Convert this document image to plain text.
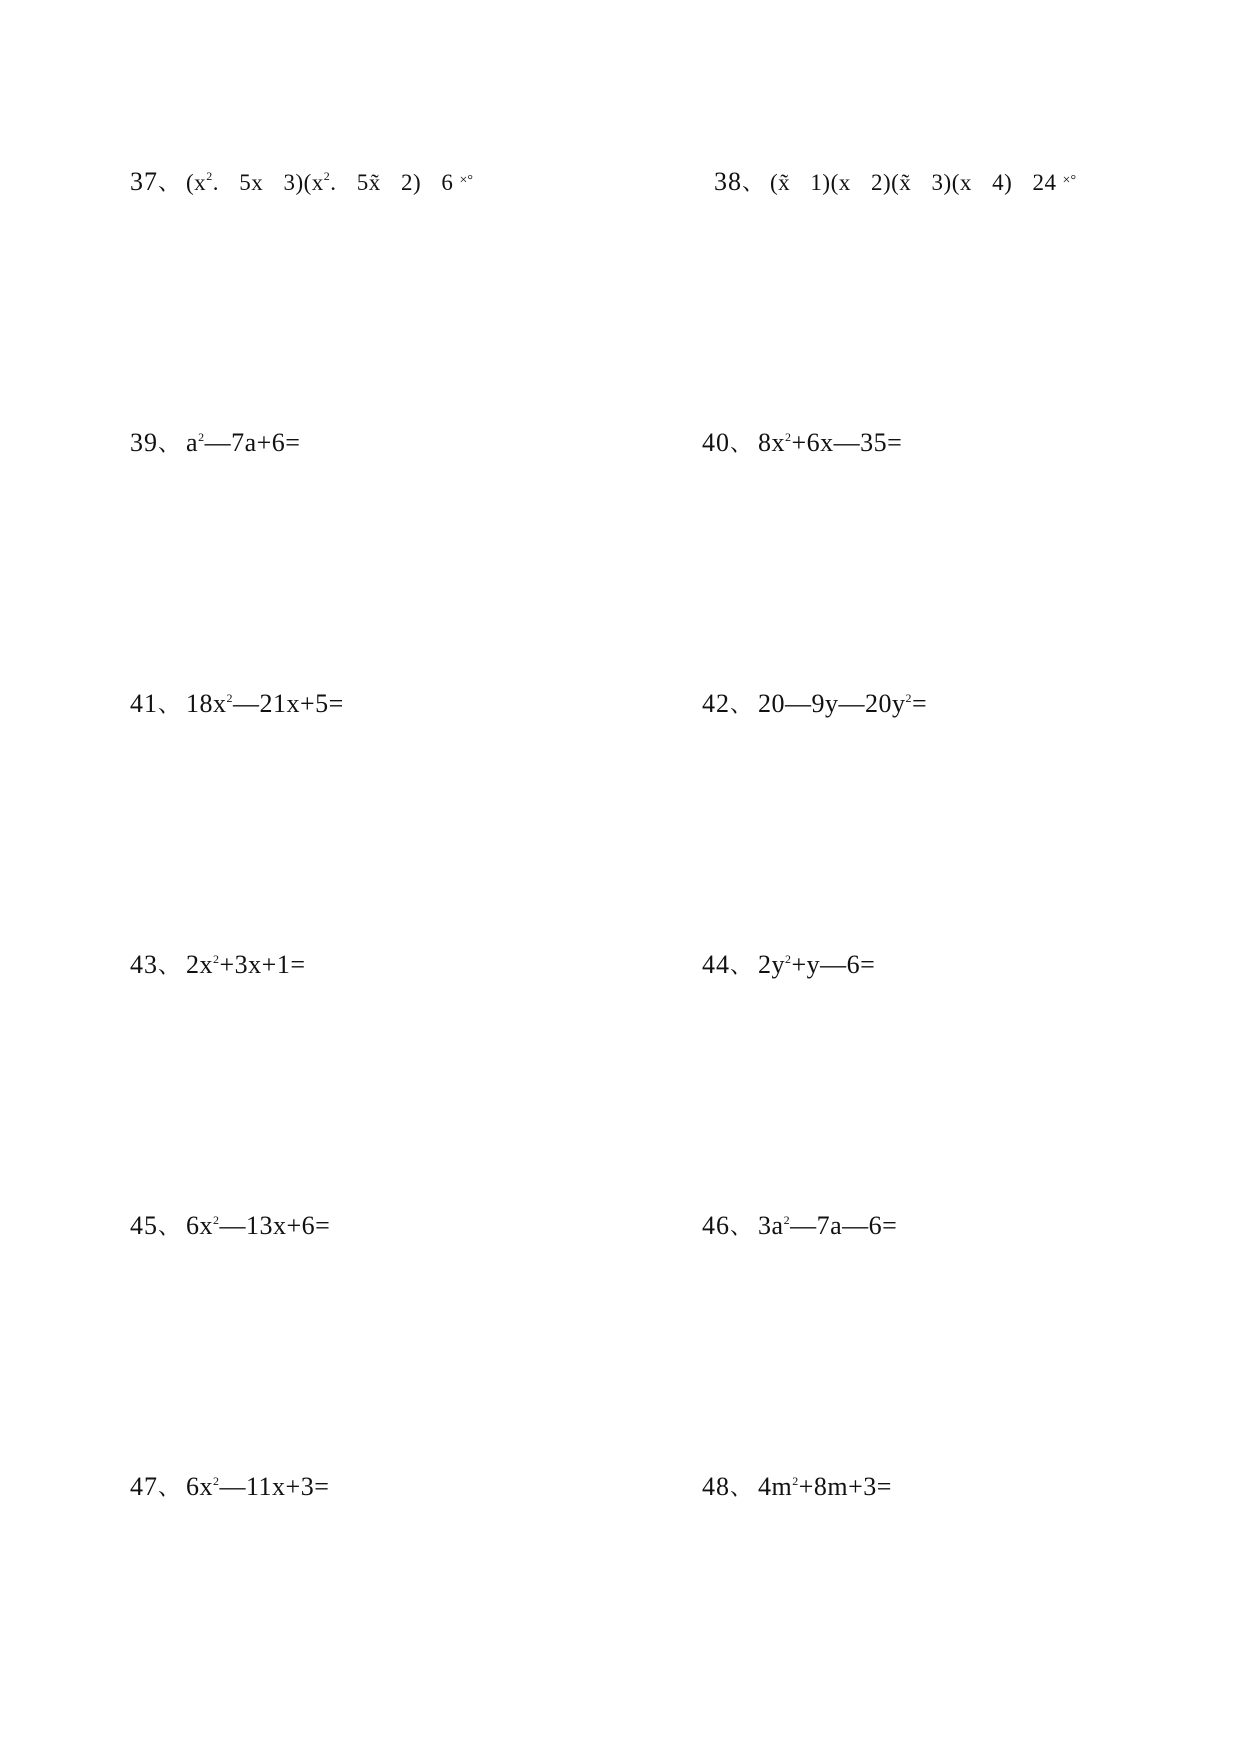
37、 ($x^2$. 5x $3)(x^2$. 5x̃ 2) 6 ×°	38、 (x̃ 1)(x 2)(x̃ 3)(x 4) 24 ×°
39、 $a^2—7a+6=$	40、 $8x^2+6x—35=$
41、 $18x^2—21x+5=$	42、 $20—9y—20y^2=$
43、 $2x^2+3x+1=$	44、 $2y^2+y—6=$
45、 $6x^2—13x+6=$	46、 $3a^2—7a—6=$
47、 $6x^2—11x+3=$	48、 $4m^2+8m+3=$
